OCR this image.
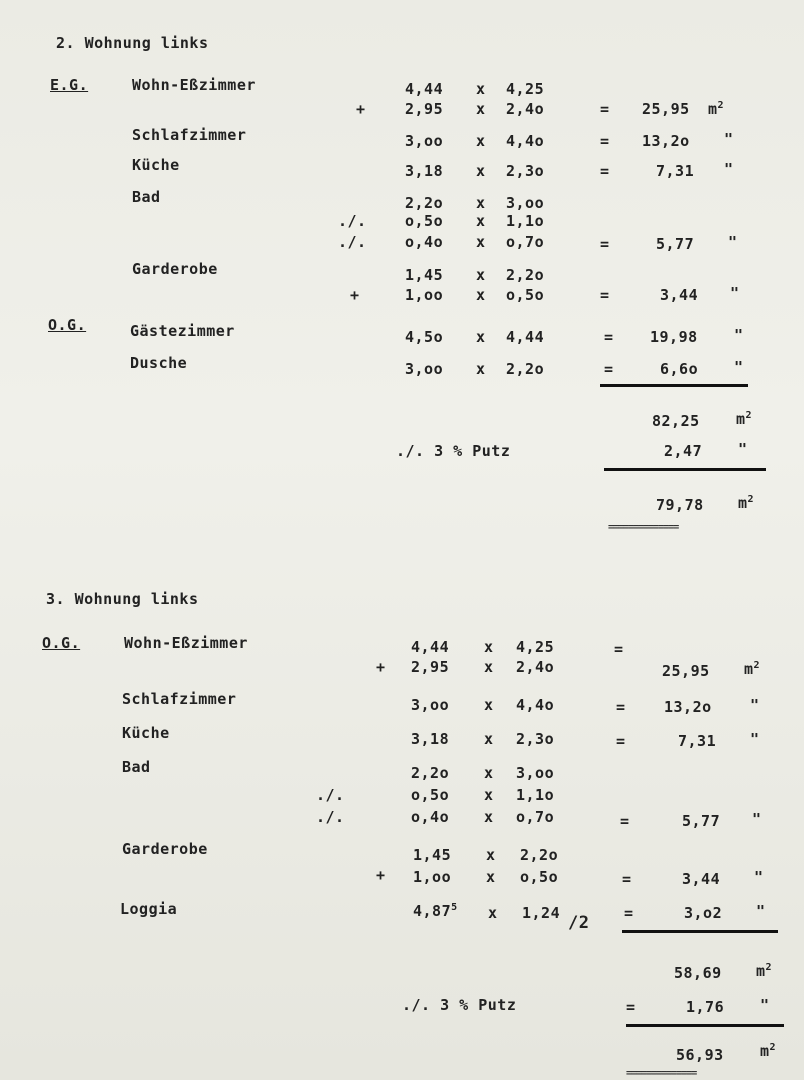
2. Wohnung links
E.G.	Wohn-Eßzimmer	4,44 x 4,25
+	2,95 x 2,4o	= 25,95 $m^2$
Schlafzimmer	3,oo x 4,4o	= 13,2o "
Küche	3,18 x 2,3o	=	7,31 "
Bad	2,2o x 3,oo
./.	o,5o x 1,1o
./.	o,4o x o,7o	=	5,77 "
Garderobe	1,45 x 2,2o
+	1,oo x o,5o	=	3,44 "
O.G.	Gästezimmer	4,5o x 4,44	= 19,98 "
Dusche	3,oo x 2,2o	=	6,6o "
82,25 $m^2$
./. 3 % Putz	2,47 "
79,78 $m^2$
==============
3. Wohnung links
O.G.	Wohn-Eßzimmer	4,44 x 4,25	=
+ 2,95 x 2,4o	25,95 $m^2$
Schlafzimmer	3,oo x 4,4o	=	13,2o	"
Küche	3,18 x 2,3o	=	7,31 "
Bad	2,2o x 3,oo
./.	o,5o x 1,1o
./.	o,4o x o,7o	=	5,77 "
Garderobe	1,45 x 2,2o
+ 1,oo x o,5o	=	3,44 "
Loggia	4,87$^5$ x 1,24 /2 =	3,o2 "
58,69 $m^2$
./. 3 % Putz	=	1,76 "
56,93 $m^2$
==============
